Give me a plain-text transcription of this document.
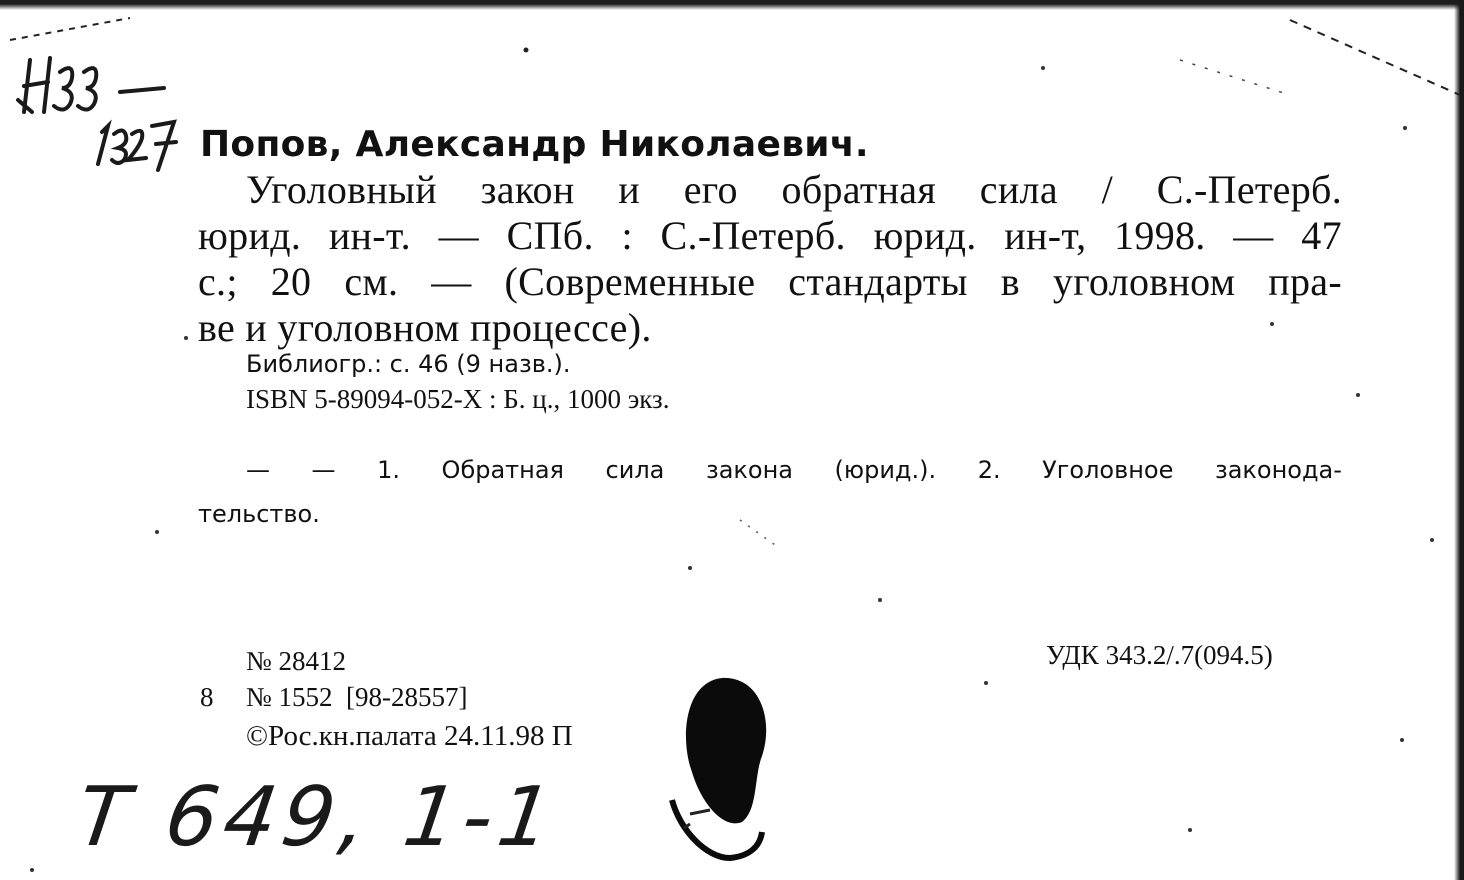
Попов, Александр Николаевич.
Уголовный закон и его обратная сила / С.-Петерб.
юрид. ин-т. — СПб. : С.-Петерб. юрид. ин-т, 1998. — 47
с.; 20 см. — (Современные стандарты в уголовном пра-
ве и уголовном процессе).
Библиогр.: с. 46 (9 назв.).
ISBN 5-89094-052-X : Б. ц., 1000 экз.
— — 1. Обратная сила закона (юрид.). 2. Уголовное законода-
тельство.
№ 28412
8 № 1552  [98-28557]
©Рос.кн.палата 24.11.98 П
УДК 343.2/.7(094.5)
Т 649, 1-1
